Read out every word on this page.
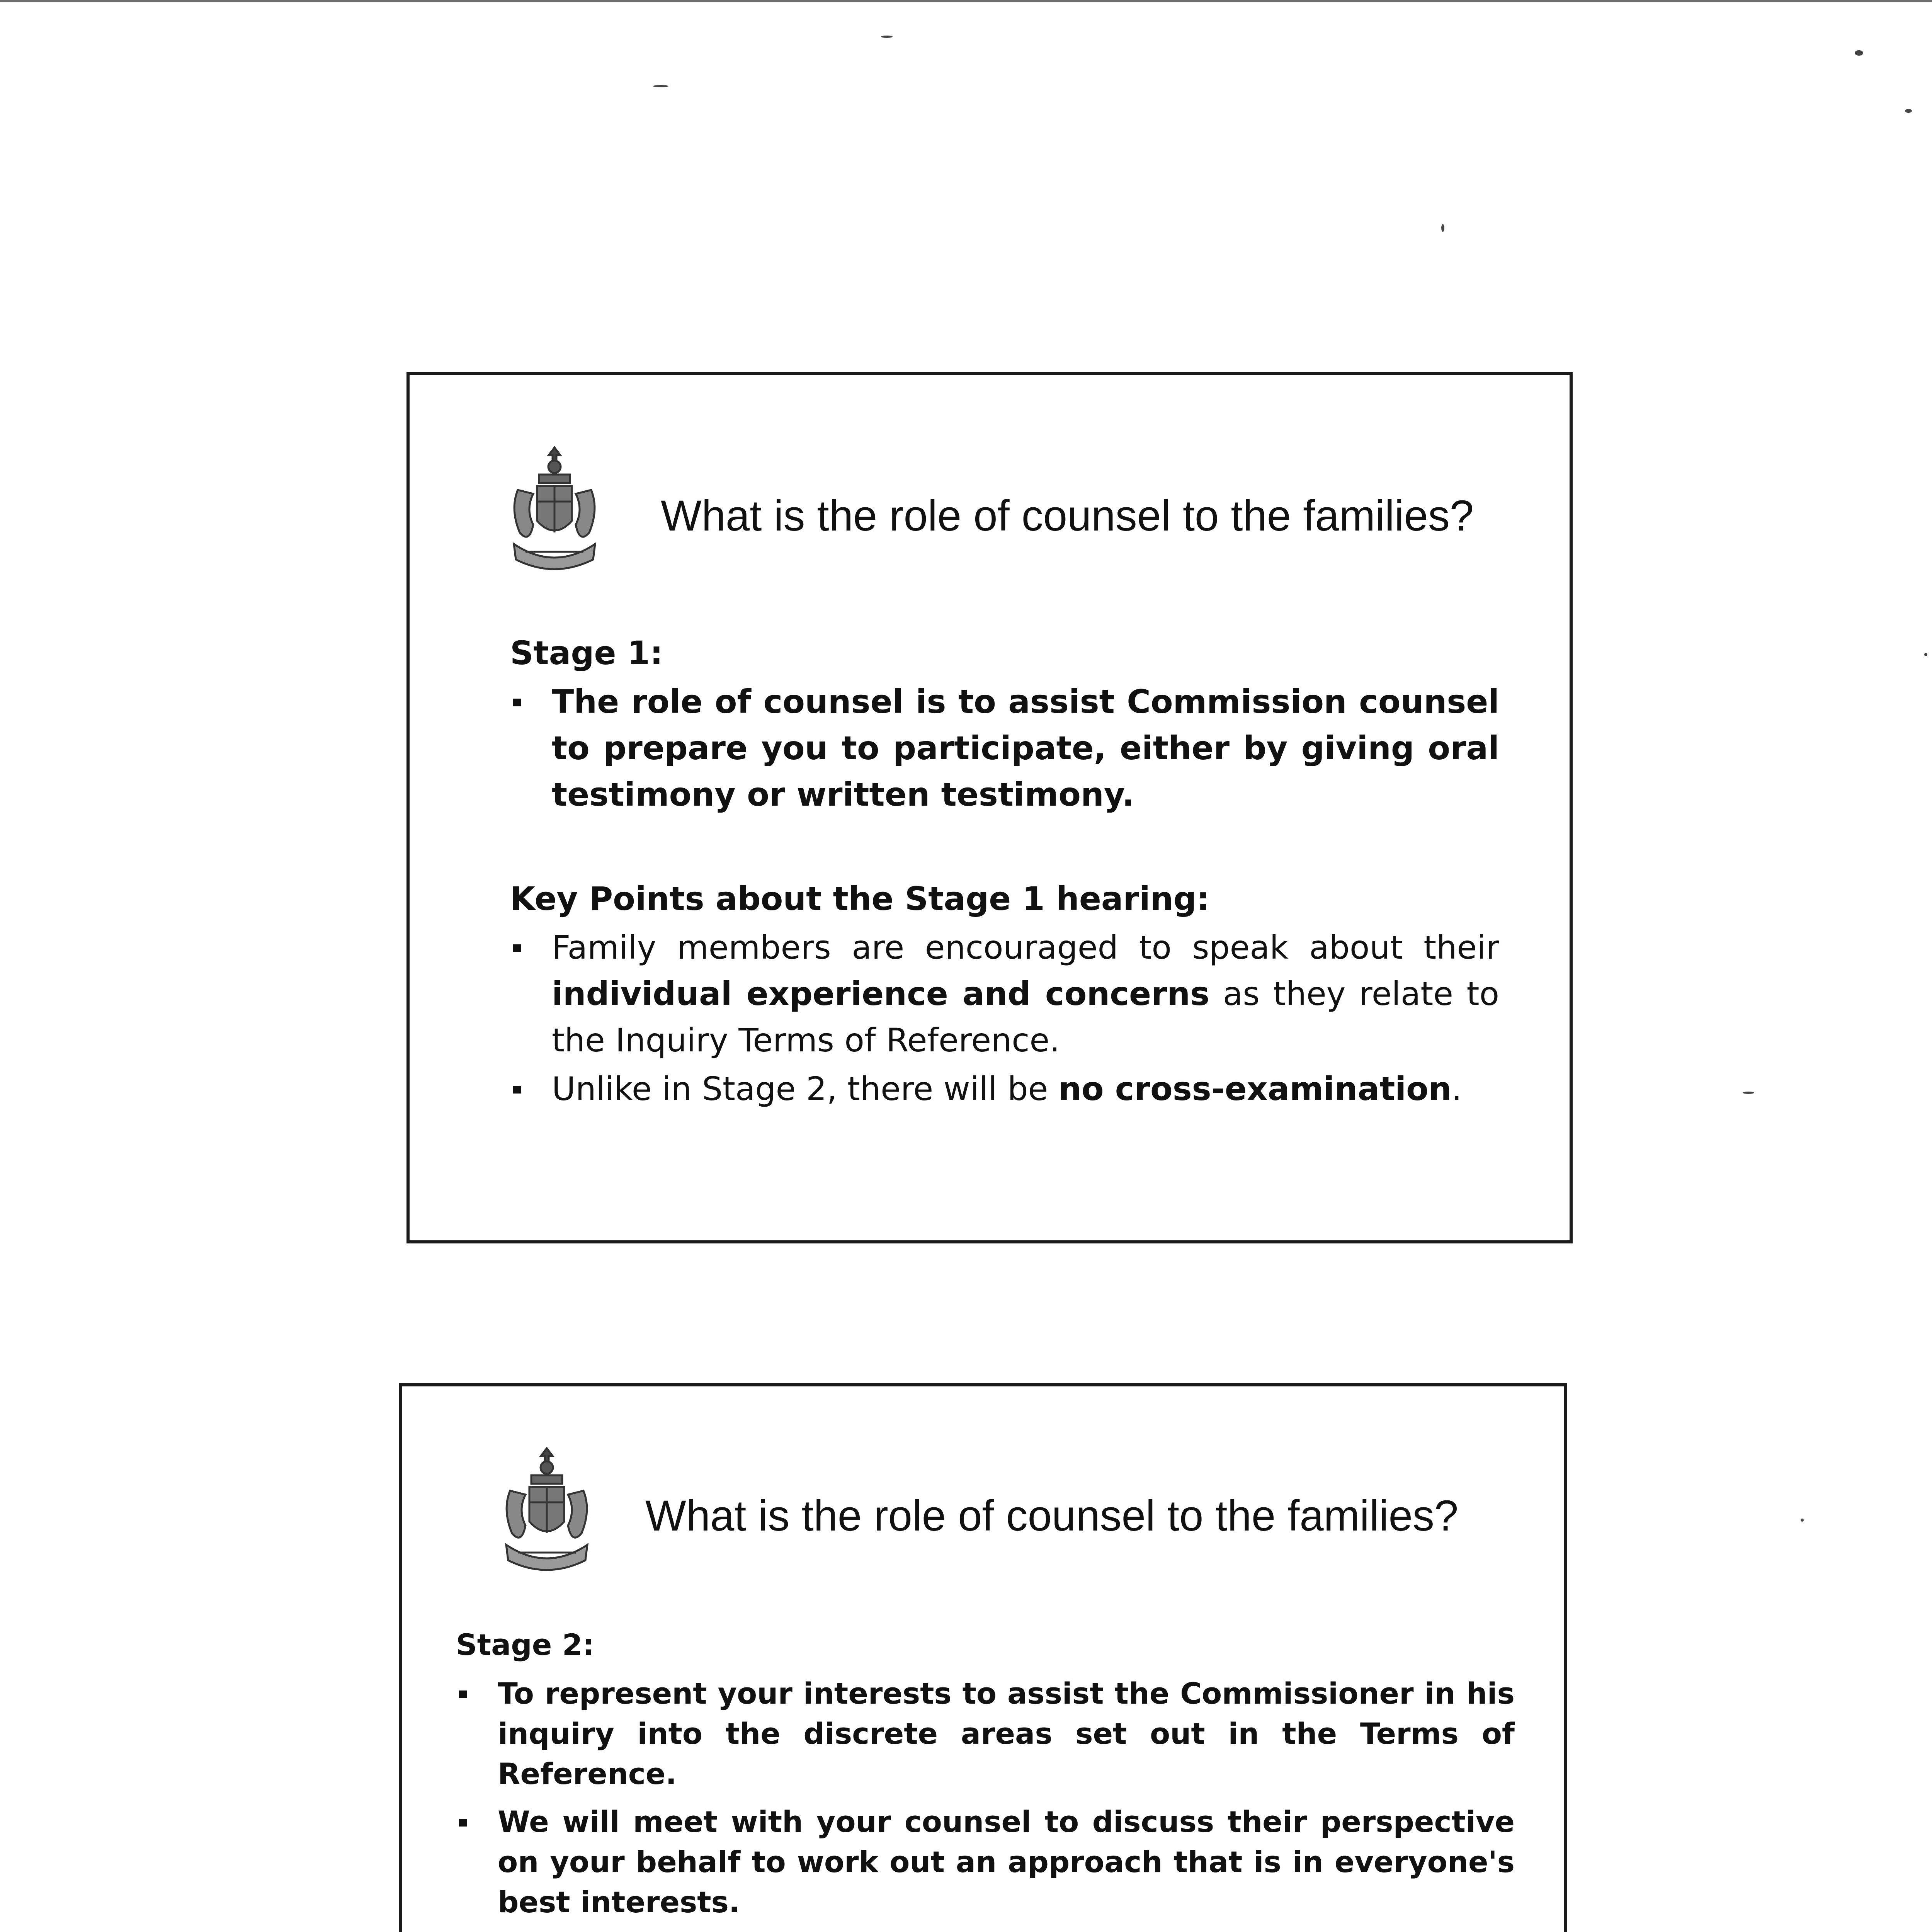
What is the role of counsel to the families?

Stage 1:

The role of counsel is to assist Commission counsel to prepare you to participate, either by giving oral testimony or written testimony.

Key Points about the Stage 1 hearing:

Family members are encouraged to speak about their individual experience and concerns as they relate to the Inquiry Terms of Reference.
Unlike in Stage 2, there will be no cross-examination.
What is the role of counsel to the families?

Stage 2:

To represent your interests to assist the Commissioner in his inquiry into the discrete areas set out in the Terms of Reference.
We will meet with your counsel to discuss their perspective on your behalf to work out an approach that is in everyone's best interests.
